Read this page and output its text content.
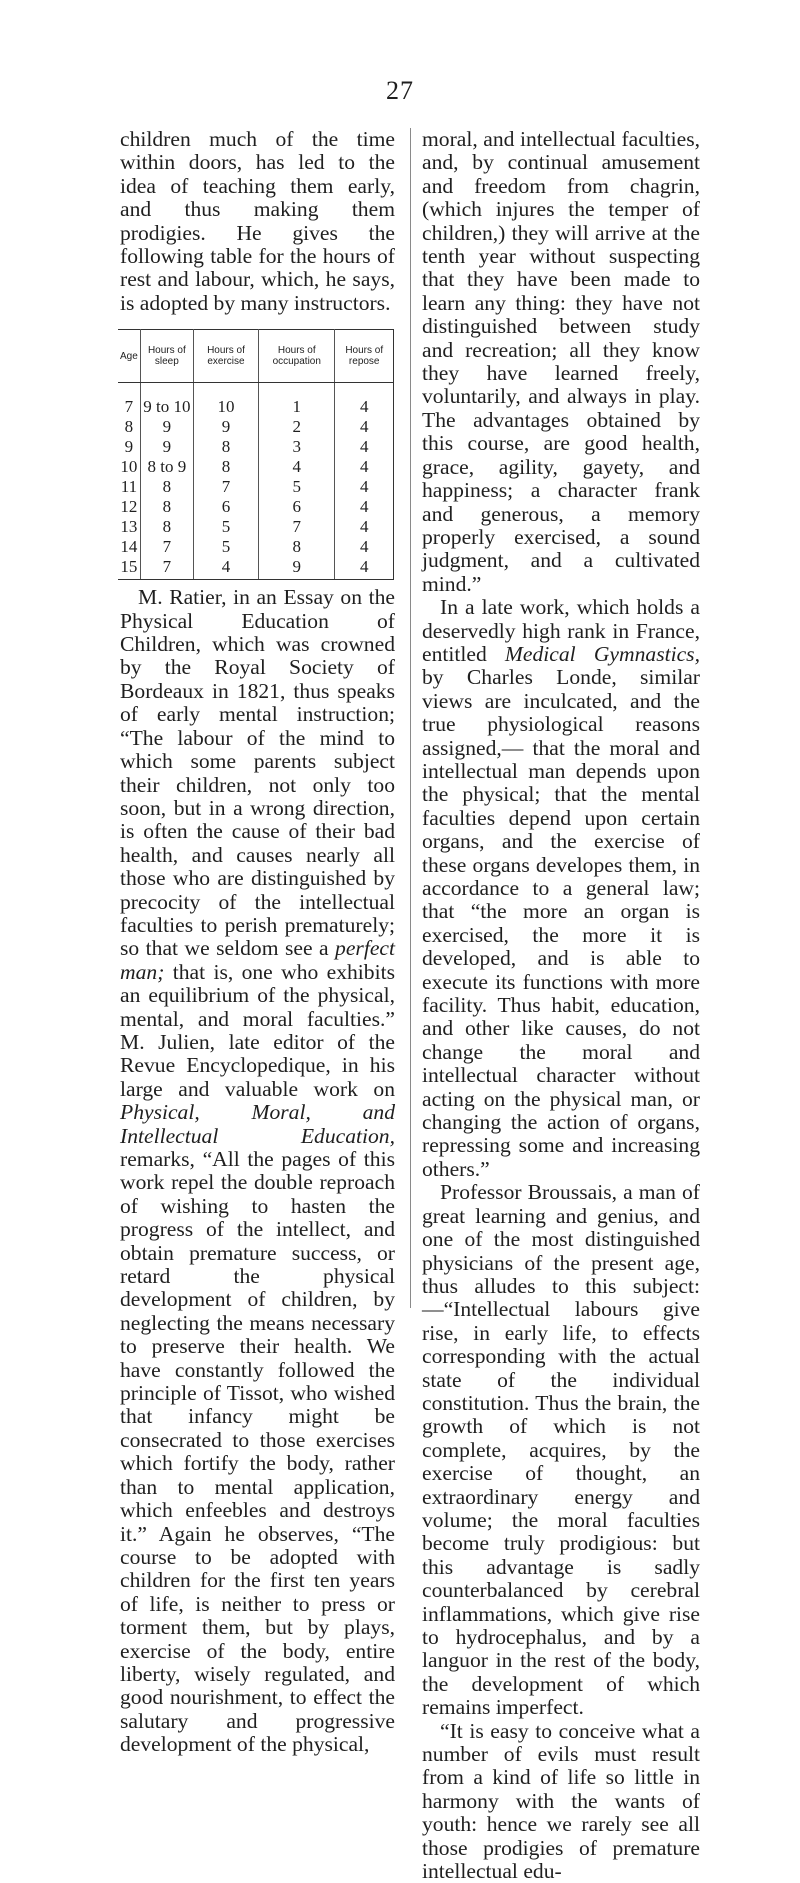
27

children much of the time within doors, has led to the idea of teaching them early, and thus making them prodigies. He gives the following table for the hours of rest and labour, which, he says, is adopted by many instructors.

Age	Hours of sleep	Hours of exercise	Hours of occupation	Hours of repose
7	9 to 10	10	1	4
8	9	9	2	4
9	9	8	3	4
10	8 to 9	8	4	4
11	8	7	5	4
12	8	6	6	4
13	8	5	7	4
14	7	5	8	4
15	7	4	9	4

M. Ratier, in an Essay on the Physical Education of Children, which was crowned by the Royal Society of Bordeaux in 1821, thus speaks of early mental instruction; “The labour of the mind to which some parents subject their children, not only too soon, but in a wrong direction, is often the cause of their bad health, and causes nearly all those who are distinguished by precocity of the intellectual faculties to perish prematurely; so that we seldom see a perfect man; that is, one who exhibits an equilibrium of the physical, mental, and moral faculties.” M. Julien, late editor of the Revue Encyclopedique, in his large and valuable work on Physical, Moral, and Intellectual Education, remarks, “All the pages of this work repel the double reproach of wishing to hasten the progress of the intellect, and obtain premature success, or retard the physical development of children, by neglecting the means necessary to preserve their health. We have constantly followed the principle of Tissot, who wished that infancy might be consecrated to those exercises which fortify the body, rather than to mental application, which enfeebles and destroys it.” Again he observes, “The course to be adopted with children for the first ten years of life, is neither to press or torment them, but by plays, exercise of the body, entire liberty, wisely regulated, and good nourishment, to effect the salutary and progressive development of the physical,

moral, and intellectual faculties, and, by continual amusement and freedom from chagrin, (which injures the temper of children,) they will arrive at the tenth year without suspecting that they have been made to learn any thing: they have not distinguished between study and recreation; all they know they have learned freely, voluntarily, and always in play. The advantages obtained by this course, are good health, grace, agility, gayety, and happiness; a character frank and generous, a memory properly exercised, a sound judgment, and a cultivated mind.”

In a late work, which holds a deservedly high rank in France, entitled Medical Gymnastics, by Charles Londe, similar views are inculcated, and the true physiological reasons assigned,— that the moral and intellectual man depends upon the physical; that the mental faculties depend upon certain organs, and the exercise of these organs developes them, in accordance to a general law; that “the more an organ is exercised, the more it is developed, and is able to execute its functions with more facility. Thus habit, education, and other like causes, do not change the moral and intellectual character without acting on the physical man, or changing the action of organs, repressing some and increasing others.”

Professor Broussais, a man of great learning and genius, and one of the most distinguished physicians of the present age, thus alludes to this subject:—“Intellectual labours give rise, in early life, to effects corresponding with the actual state of the individual constitution. Thus the brain, the growth of which is not complete, acquires, by the exercise of thought, an extraordinary energy and volume; the moral faculties become truly prodigious: but this advantage is sadly counterbalanced by cerebral inflammations, which give rise to hydrocephalus, and by a languor in the rest of the body, the development of which remains imperfect.

“It is easy to conceive what a number of evils must result from a kind of life so little in harmony with the wants of youth: hence we rarely see all those prodigies of premature intellectual edu-
